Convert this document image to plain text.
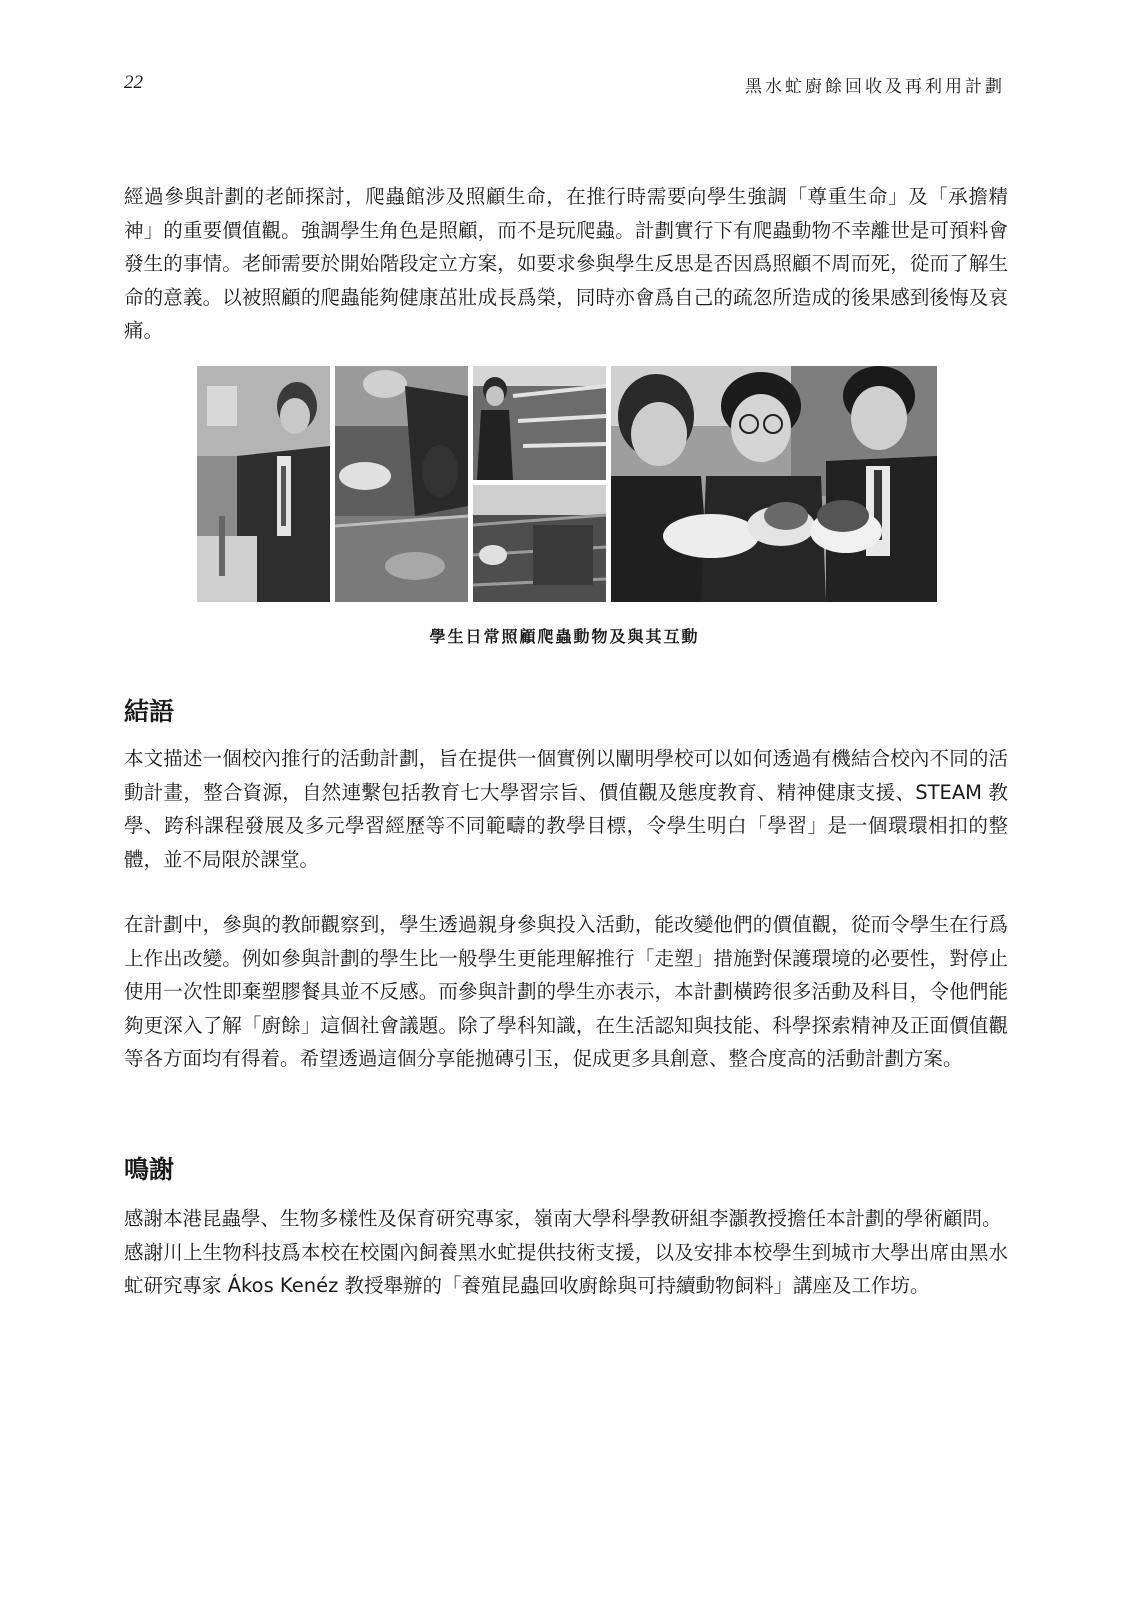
22	黑水虻廚餘回收及再利用計劃

經過參與計劃的老師探討，爬蟲館涉及照顧生命，在推行時需要向學生強調「尊重生命」及「承擔精神」的重要價值觀。強調學生角色是照顧，而不是玩爬蟲。計劃實行下有爬蟲動物不幸離世是可預料會發生的事情。老師需要於開始階段定立方案，如要求參與學生反思是否因爲照顧不周而死，從而了解生命的意義。以被照顧的爬蟲能夠健康茁壯成長爲榮，同時亦會爲自己的疏忽所造成的後果感到後悔及哀痛。

學生日常照顧爬蟲動物及與其互動
結語

本文描述一個校內推行的活動計劃，旨在提供一個實例以闡明學校可以如何透過有機結合校內不同的活動計畫，整合資源，自然連繫包括教育七大學習宗旨、價值觀及態度教育、精神健康支援、STEAM 教學、跨科課程發展及多元學習經歷等不同範疇的教學目標，令學生明白「學習」是一個環環相扣的整體，並不局限於課堂。

在計劃中，參與的教師觀察到，學生透過親身參與投入活動，能改變他們的價值觀，從而令學生在行爲上作出改變。例如參與計劃的學生比一般學生更能理解推行「走塑」措施對保護環境的必要性，對停止使用一次性即棄塑膠餐具並不反感。而參與計劃的學生亦表示，本計劃橫跨很多活動及科目，令他們能夠更深入了解「廚餘」這個社會議題。除了學科知識，在生活認知與技能、科學探索精神及正面價值觀等各方面均有得着。希望透過這個分享能拋磚引玉，促成更多具創意、整合度高的活動計劃方案。

鳴謝
感謝本港昆蟲學、生物多樣性及保育研究專家，嶺南大學科學教研組李灝教授擔任本計劃的學術顧問。
感謝川上生物科技爲本校在校園內飼養黑水虻提供技術支援，以及安排本校學生到城市大學出席由黑水虻研究專家 Ákos Kenéz 教授舉辦的「養殖昆蟲回收廚餘與可持續動物飼料」講座及工作坊。
